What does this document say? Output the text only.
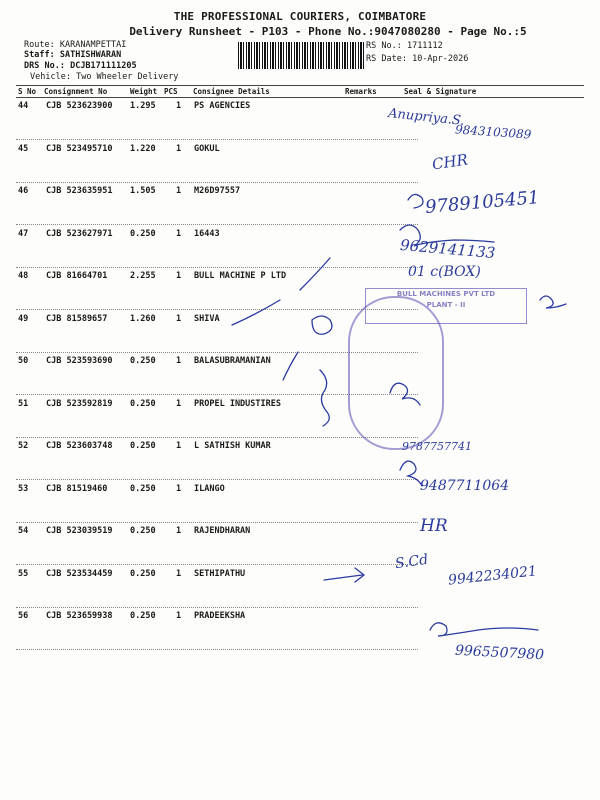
THE PROFESSIONAL COURIERS, COIMBATORE
Delivery Runsheet - P103 - Phone No.:9047080280 - Page No.:5
Route: KARANAMPETTAI
Staff: SATHISHWARAN
DRS No.: DCJB171111205
Vehicle: Two Wheeler Delivery
RS No.: 1711112
RS Date: 10-Apr-2026
S No Consignment No	Weight PCS Consignee Details	Remarks	Seal & Signature
44 CJB 523623900 1.295 1 PS AGENCIES
45 CJB 523495710 1.220 1 GOKUL
46 CJB 523635951 1.505 1 M26D97557
47 CJB 523627971 0.250 1 16443
48 CJB 81664701	2.255 1 BULL MACHINE P LTD
49 CJB 81589657	1.260 1 SHIVA
50 CJB 523593690 0.250 1 BALASUBRAMANIAN
51 CJB 523592819 0.250 1 PROPEL INDUSTIRES
52 CJB 523603748 0.250 1 L SATHISH KUMAR
53 CJB 81519460	0.250 1 ILANGO
54 CJB 523039519 0.250 1 RAJENDHARAN
55 CJB 523534459 0.250 1 SETHIPATHU
56 CJB 523659938 0.250 1 PRADEEKSHA
BULL MACHINES PVT LTD
PLANT - II
Anupriya.S.
9843103089
CHR
9789105451
9629141133
01 c(BOX)
9787757741
9487711064
HR
S.Cd
9942234021
9965507980
